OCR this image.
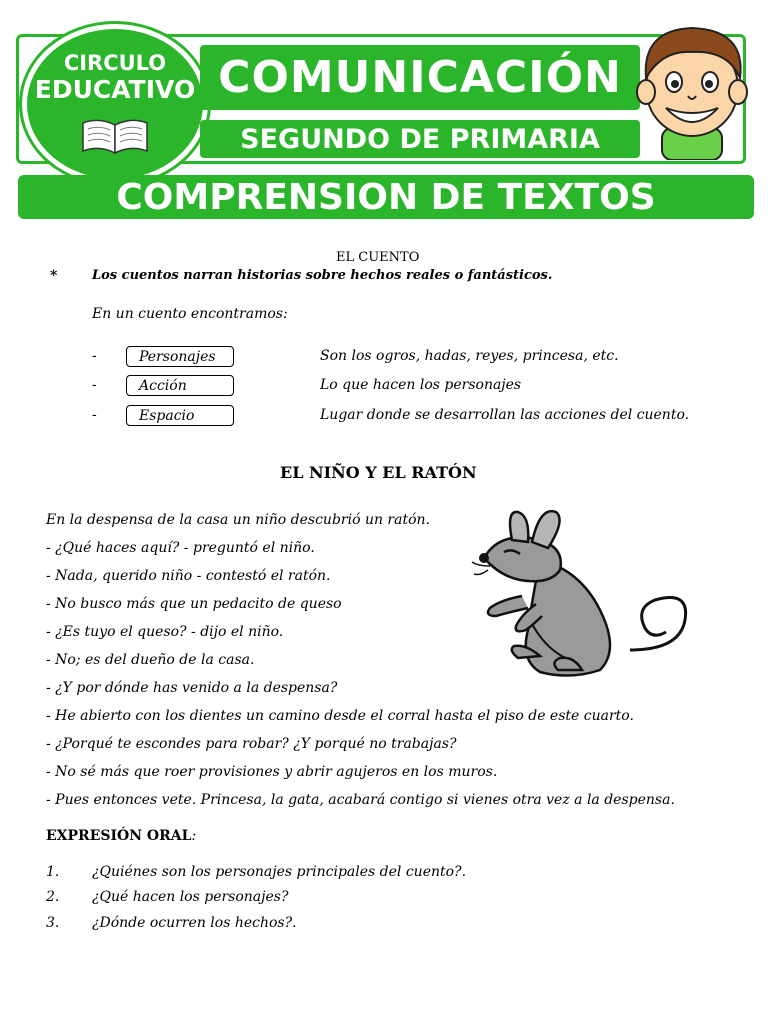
CIRCULO
EDUCATIVO COMUNICACIÓN
SEGUNDO DE PRIMARIA
COMPRENSION DE TEXTOS
EL CUENTO
*	Los cuentos narran historias sobre hechos reales o fantásticos.
En un cuento encontramos:
-	Personajes	Son los ogros, hadas, reyes, princesa, etc.
-	Acción	Lo que hacen los personajes
-	Espacio	Lugar donde se desarrollan las acciones del cuento.
EL NIÑO Y EL RATÓN
En la despensa de la casa un niño descubrió un ratón.
- ¿Qué haces aquí? - preguntó el niño.
- Nada, querido niño - contestó el ratón.
- No busco más que un pedacito de queso
- ¿Es tuyo el queso? - dijo el niño.
- No; es del dueño de la casa.
- ¿Y por dónde has venido a la despensa?
- He abierto con los dientes un camino desde el corral hasta el piso de este cuarto.
- ¿Porqué te escondes para robar? ¿Y porqué no trabajas?
- No sé más que roer provisiones y abrir agujeros en los muros.
- Pues entonces vete. Princesa, la gata, acabará contigo si vienes otra vez a la despensa.
EXPRESIÓN ORAL:
1. ¿Quiénes son los personajes principales del cuento?.
2. ¿Qué hacen los personajes?
3. ¿Dónde ocurren los hechos?.
